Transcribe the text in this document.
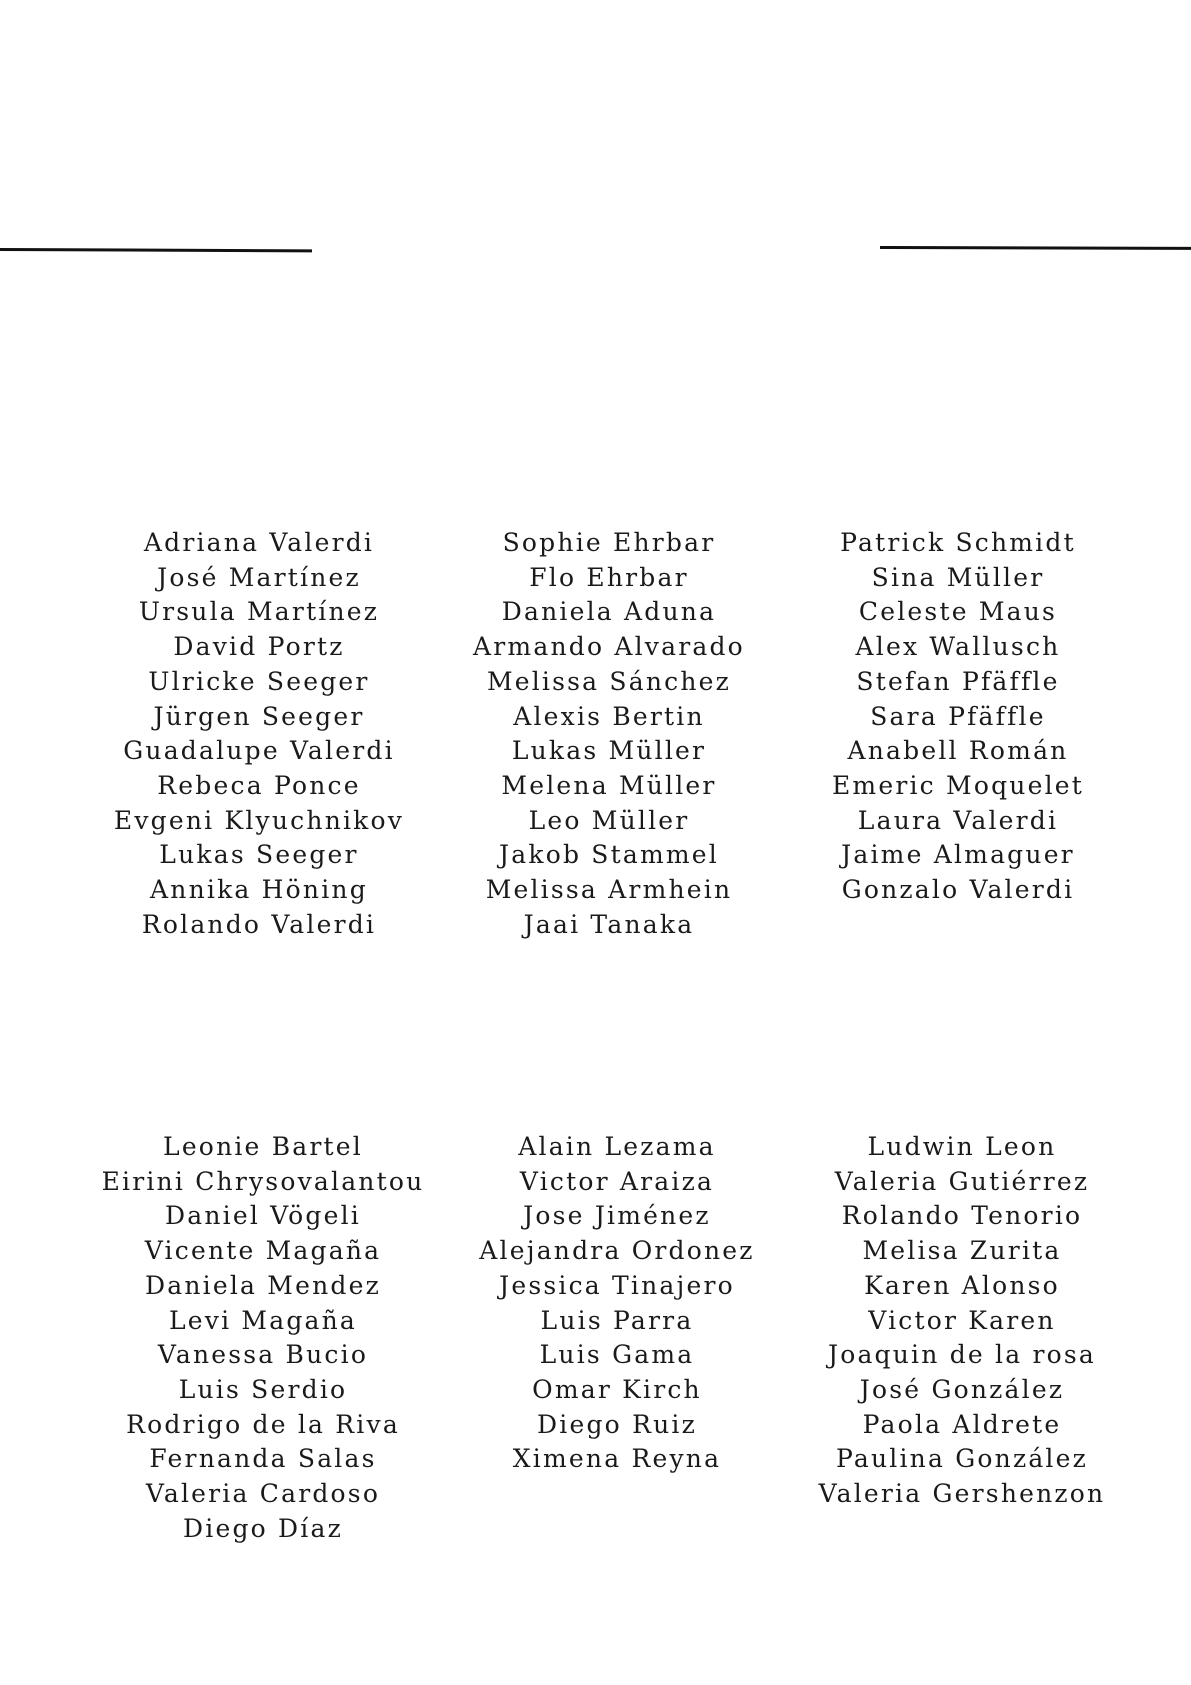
Adriana Valerdi
José Martínez
Ursula Martínez
David Portz
Ulricke Seeger
Jürgen Seeger
Guadalupe Valerdi
Rebeca Ponce
Evgeni Klyuchnikov
Lukas Seeger
Annika Höning
Rolando Valerdi
Sophie Ehrbar
Flo Ehrbar
Daniela Aduna
Armando Alvarado
Melissa Sánchez
Alexis Bertin
Lukas Müller
Melena Müller
Leo Müller
Jakob Stammel
Melissa Armhein
Jaai Tanaka
Patrick Schmidt
Sina Müller
Celeste Maus
Alex Wallusch
Stefan Pfäffle
Sara Pfäffle
Anabell Román
Emeric Moquelet
Laura Valerdi
Jaime Almaguer
Gonzalo Valerdi
Leonie Bartel
Eirini Chrysovalantou
Daniel Vögeli
Vicente Magaña
Daniela Mendez
Levi Magaña
Vanessa Bucio
Luis Serdio
Rodrigo de la Riva
Fernanda Salas
Valeria Cardoso
Diego Díaz
Alain Lezama
Victor Araiza
Jose Jiménez
Alejandra Ordonez
Jessica Tinajero
Luis Parra
Luis Gama
Omar Kirch
Diego Ruiz
Ximena Reyna
Ludwin Leon
Valeria Gutiérrez
Rolando Tenorio
Melisa Zurita
Karen Alonso
Victor Karen
Joaquin de la rosa
José González
Paola Aldrete
Paulina González
Valeria Gershenzon
